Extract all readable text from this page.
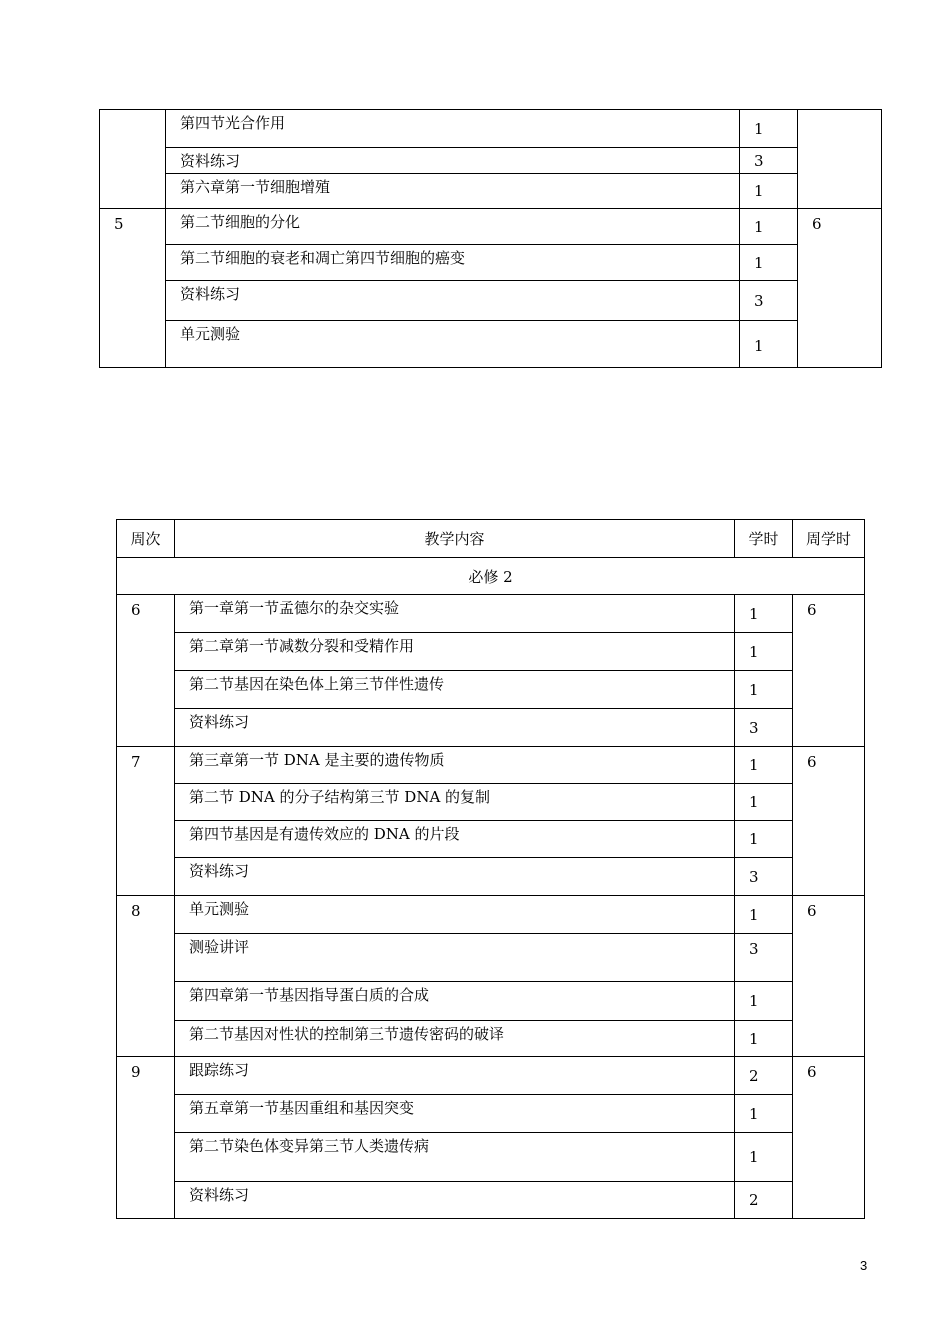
	第四节光合作用	1	
	资料练习	3	
	第六章第一节细胞增殖	1	
5	第二节细胞的分化	1	6
	第二节细胞的衰老和凋亡第四节细胞的癌变	1	
	资料练习	3	
	单元测验	1	
周次	教学内容	学时	周学时
必修 2			
6	第一章第一节孟德尔的杂交实验	1	6
	第二章第一节减数分裂和受精作用	1	
	第二节基因在染色体上第三节伴性遗传	1	
	资料练习	3	
7	第三章第一节 DNA 是主要的遗传物质	1	6
	第二节 DNA 的分子结构第三节 DNA 的复制	1	
	第四节基因是有遗传效应的 DNA 的片段	1	
	资料练习	3	
8	单元测验	1	6
	测验讲评	3	
	第四章第一节基因指导蛋白质的合成	1	
	第二节基因对性状的控制第三节遗传密码的破译	1	
9	跟踪练习	2	6
	第五章第一节基因重组和基因突变	1	
	第二节染色体变异第三节人类遗传病	1	
	资料练习	2	
3
